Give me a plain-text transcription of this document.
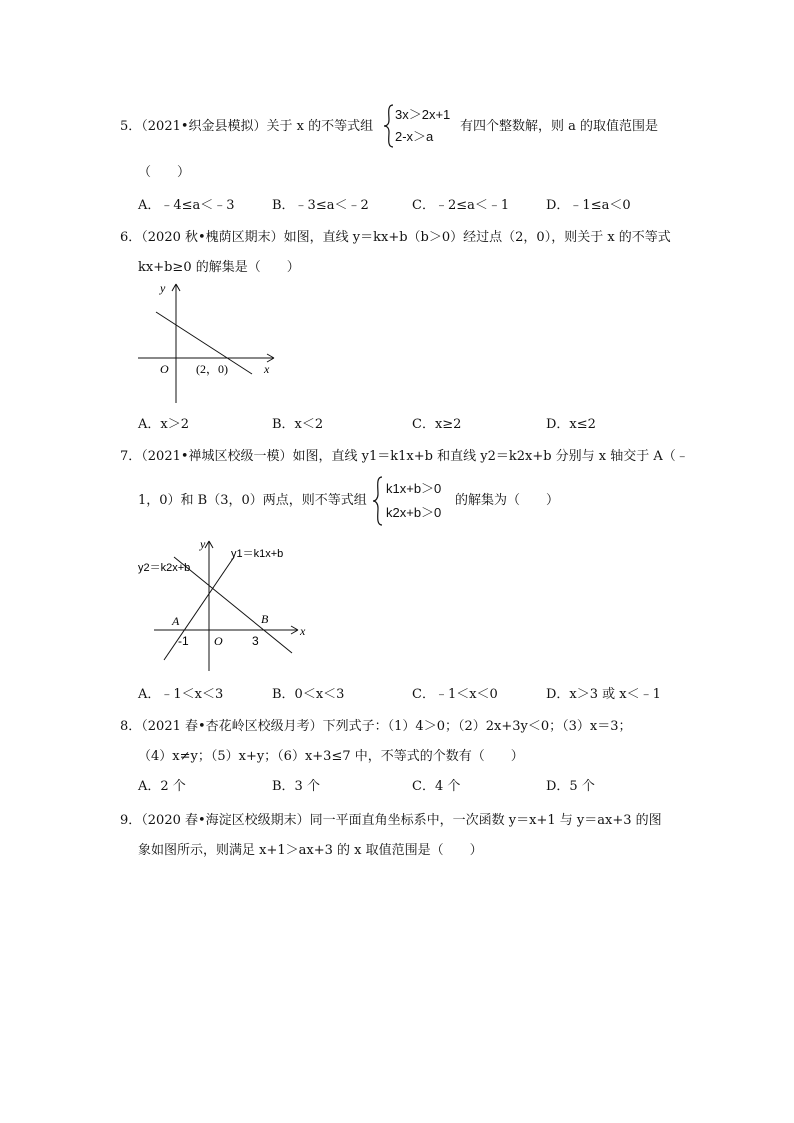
5．（2021•织金县模拟）关于 x 的不等式组
3x＞2x+1
2-x＞a
有四个整数解，则 a 的取值范围是
（　　）
A．﹣4≤a＜﹣3	B．﹣3≤a＜﹣2	C．﹣2≤a＜﹣1	D．﹣1≤a＜0
6．（2020 秋•槐荫区期末）如图，直线 y＝kx+b（b＞0）经过点（2，0），则关于 x 的不等式
kx+b≥0 的解集是（　　）
y
O (2，0)	x
A．x＞2	B．x＜2	C．x≥2	D．x≤2
7．（2021•禅城区校级一模）如图，直线 y1＝k1x+b 和直线 y2＝k2x+b 分别与 x 轴交于 A（﹣
1，0）和 B（3，0）两点，则不等式组
k1x+b＞0
k2x+b＞0
的解集为（　　）
y
y1＝k1x+b
y2＝k2x+b
A	B
-1 O 3
x
A．﹣1＜x＜3	B．0＜x＜3	C．﹣1＜x＜0	D．x＞3 或 x＜﹣1
8．（2021 春•杏花岭区校级月考）下列式子：（1）4＞0；（2）2x+3y＜0；（3）x＝3；
（4）x≠y；（5）x+y；（6）x+3≤7 中，不等式的个数有（　　）
A．2 个	B．3 个	C．4 个	D．5 个
9．（2020 春•海淀区校级期末）同一平面直角坐标系中，一次函数 y＝x+1 与 y＝ax+3 的图
象如图所示，则满足 x+1＞ax+3 的 x 取值范围是（　　）
